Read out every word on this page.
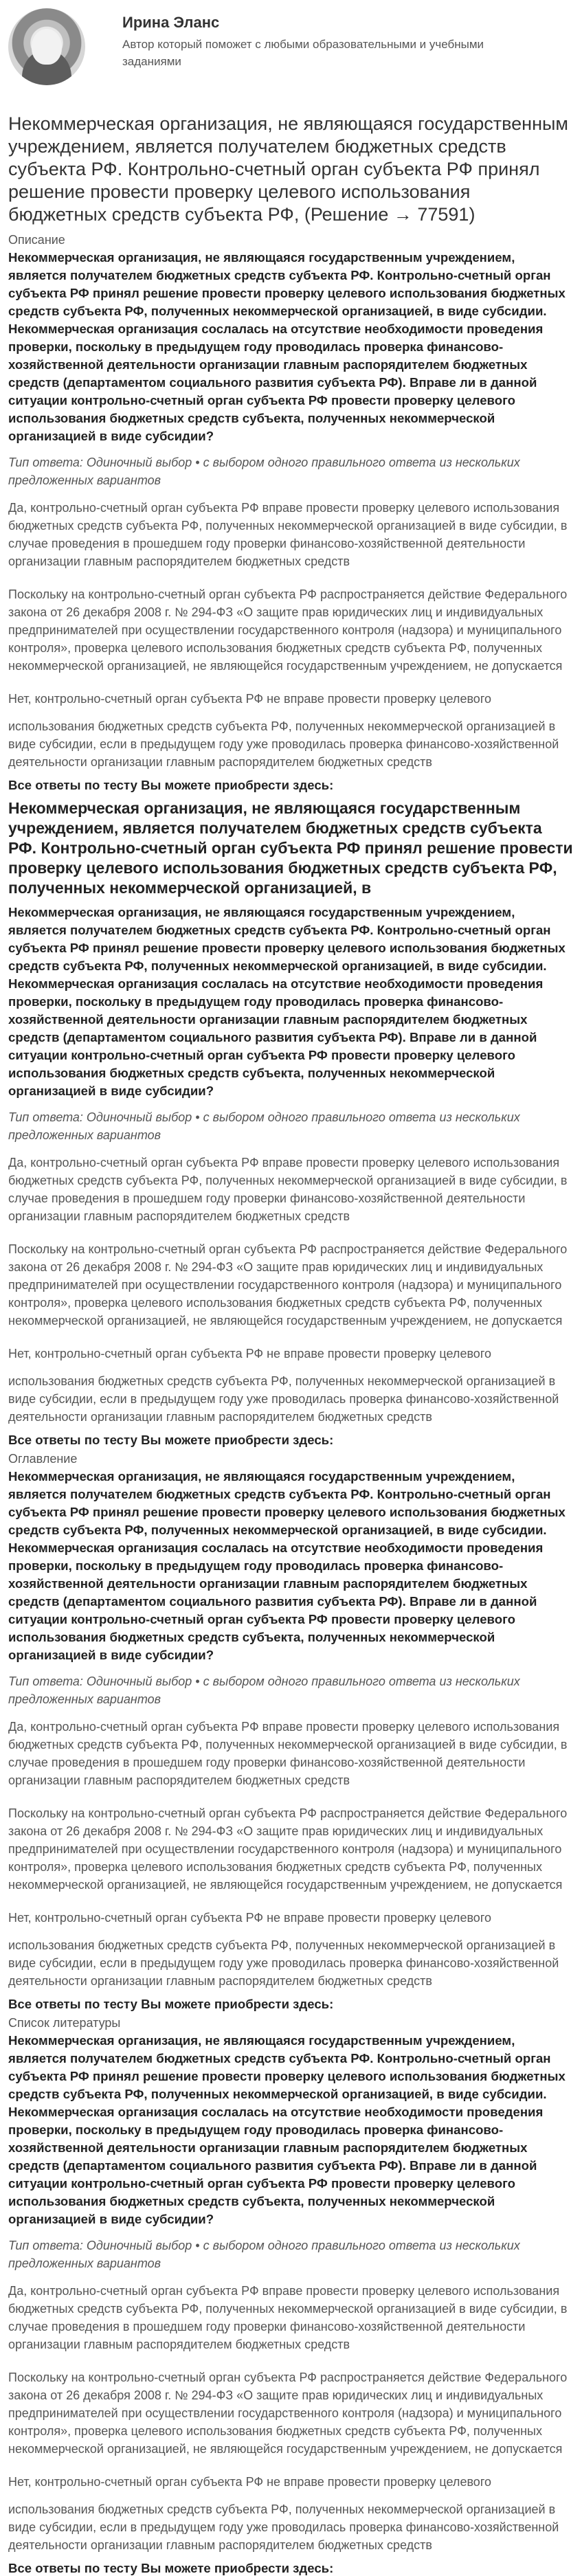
Ирина Эланс
Автор который поможет с любыми образовательными и учебными заданиями
Некоммерческая организация, не являющаяся государственным учреждением, является получателем бюджетных средств субъекта РФ. Контрольно-счетный орган субъекта РФ принял решение провести проверку целевого использования бюджетных средств субъекта РФ, (Решение → 77591)
Описание
Некоммерческая организация, не являющаяся государственным учреждением, является получателем бюджетных средств субъекта РФ. Контрольно-счетный орган субъекта РФ принял решение провести проверку целевого использования бюджетных средств субъекта РФ, полученных некоммерческой организацией, в виде субсидии. Некоммерческая организация сослалась на отсутствие необходимости проведения проверки, поскольку в предыдущем году проводилась проверка финансово-хозяйственной деятельности организации главным распорядителем бюджетных средств (департаментом социального развития субъекта РФ). Вправе ли в данной ситуации контрольно-счетный орган субъекта РФ провести проверку целевого использования бюджетных средств субъекта, полученных некоммерческой организацией в виде субсидии?
Тип ответа: Одиночный выбор • с выбором одного правильного ответа из нескольких предложенных вариантов
Да, контрольно-счетный орган субъекта РФ вправе провести проверку целевого использования бюджетных средств субъекта РФ, полученных некоммерческой организацией в виде субсидии, в случае проведения в прошедшем году проверки финансово-хозяйственной деятельности организации главным распорядителем бюджетных средств
Поскольку на контрольно-счетный орган субъекта РФ распространяется действие Федерального закона от 26 декабря 2008 г. № 294-ФЗ «О защите прав юридических лиц и индивидуальных предпринимателей при осуществлении государственного контроля (надзора) и муниципального контроля», проверка целевого использования бюджетных средств субъекта РФ, полученных некоммерческой организацией, не являющейся государственным учреждением, не допускается
Нет, контрольно-счетный орган субъекта РФ не вправе провести проверку целевого
использования бюджетных средств субъекта РФ, полученных некоммерческой организацией в виде субсидии, если в предыдущем году уже проводилась проверка финансово-хозяйственной деятельности организации главным распорядителем бюджетных средств
Все ответы по тесту Вы можете приобрести здесь:
Некоммерческая организация, не являющаяся государственным учреждением, является получателем бюджетных средств субъекта РФ. Контрольно-счетный орган субъекта РФ принял решение провести проверку целевого использования бюджетных средств субъекта РФ, полученных некоммерческой организацией, в
Некоммерческая организация, не являющаяся государственным учреждением, является получателем бюджетных средств субъекта РФ. Контрольно-счетный орган субъекта РФ принял решение провести проверку целевого использования бюджетных средств субъекта РФ, полученных некоммерческой организацией, в виде субсидии. Некоммерческая организация сослалась на отсутствие необходимости проведения проверки, поскольку в предыдущем году проводилась проверка финансово-хозяйственной деятельности организации главным распорядителем бюджетных средств (департаментом социального развития субъекта РФ). Вправе ли в данной ситуации контрольно-счетный орган субъекта РФ провести проверку целевого использования бюджетных средств субъекта, полученных некоммерческой организацией в виде субсидии?
Тип ответа: Одиночный выбор • с выбором одного правильного ответа из нескольких предложенных вариантов
Да, контрольно-счетный орган субъекта РФ вправе провести проверку целевого использования бюджетных средств субъекта РФ, полученных некоммерческой организацией в виде субсидии, в случае проведения в прошедшем году проверки финансово-хозяйственной деятельности организации главным распорядителем бюджетных средств
Поскольку на контрольно-счетный орган субъекта РФ распространяется действие Федерального закона от 26 декабря 2008 г. № 294-ФЗ «О защите прав юридических лиц и индивидуальных предпринимателей при осуществлении государственного контроля (надзора) и муниципального контроля», проверка целевого использования бюджетных средств субъекта РФ, полученных некоммерческой организацией, не являющейся государственным учреждением, не допускается
Нет, контрольно-счетный орган субъекта РФ не вправе провести проверку целевого
использования бюджетных средств субъекта РФ, полученных некоммерческой организацией в виде субсидии, если в предыдущем году уже проводилась проверка финансово-хозяйственной деятельности организации главным распорядителем бюджетных средств
Все ответы по тесту Вы можете приобрести здесь:
Оглавление
Некоммерческая организация, не являющаяся государственным учреждением, является получателем бюджетных средств субъекта РФ. Контрольно-счетный орган субъекта РФ принял решение провести проверку целевого использования бюджетных средств субъекта РФ, полученных некоммерческой организацией, в виде субсидии. Некоммерческая организация сослалась на отсутствие необходимости проведения проверки, поскольку в предыдущем году проводилась проверка финансово-хозяйственной деятельности организации главным распорядителем бюджетных средств (департаментом социального развития субъекта РФ). Вправе ли в данной ситуации контрольно-счетный орган субъекта РФ провести проверку целевого использования бюджетных средств субъекта, полученных некоммерческой организацией в виде субсидии?
Тип ответа: Одиночный выбор • с выбором одного правильного ответа из нескольких предложенных вариантов
Да, контрольно-счетный орган субъекта РФ вправе провести проверку целевого использования бюджетных средств субъекта РФ, полученных некоммерческой организацией в виде субсидии, в случае проведения в прошедшем году проверки финансово-хозяйственной деятельности организации главным распорядителем бюджетных средств
Поскольку на контрольно-счетный орган субъекта РФ распространяется действие Федерального закона от 26 декабря 2008 г. № 294-ФЗ «О защите прав юридических лиц и индивидуальных предпринимателей при осуществлении государственного контроля (надзора) и муниципального контроля», проверка целевого использования бюджетных средств субъекта РФ, полученных некоммерческой организацией, не являющейся государственным учреждением, не допускается
Нет, контрольно-счетный орган субъекта РФ не вправе провести проверку целевого
использования бюджетных средств субъекта РФ, полученных некоммерческой организацией в виде субсидии, если в предыдущем году уже проводилась проверка финансово-хозяйственной деятельности организации главным распорядителем бюджетных средств
Все ответы по тесту Вы можете приобрести здесь:
Список литературы
Некоммерческая организация, не являющаяся государственным учреждением, является получателем бюджетных средств субъекта РФ. Контрольно-счетный орган субъекта РФ принял решение провести проверку целевого использования бюджетных средств субъекта РФ, полученных некоммерческой организацией, в виде субсидии. Некоммерческая организация сослалась на отсутствие необходимости проведения проверки, поскольку в предыдущем году проводилась проверка финансово-хозяйственной деятельности организации главным распорядителем бюджетных средств (департаментом социального развития субъекта РФ). Вправе ли в данной ситуации контрольно-счетный орган субъекта РФ провести проверку целевого использования бюджетных средств субъекта, полученных некоммерческой организацией в виде субсидии?
Тип ответа: Одиночный выбор • с выбором одного правильного ответа из нескольких предложенных вариантов
Да, контрольно-счетный орган субъекта РФ вправе провести проверку целевого использования бюджетных средств субъекта РФ, полученных некоммерческой организацией в виде субсидии, в случае проведения в прошедшем году проверки финансово-хозяйственной деятельности организации главным распорядителем бюджетных средств
Поскольку на контрольно-счетный орган субъекта РФ распространяется действие Федерального закона от 26 декабря 2008 г. № 294-ФЗ «О защите прав юридических лиц и индивидуальных предпринимателей при осуществлении государственного контроля (надзора) и муниципального контроля», проверка целевого использования бюджетных средств субъекта РФ, полученных некоммерческой организацией, не являющейся государственным учреждением, не допускается
Нет, контрольно-счетный орган субъекта РФ не вправе провести проверку целевого
использования бюджетных средств субъекта РФ, полученных некоммерческой организацией в виде субсидии, если в предыдущем году уже проводилась проверка финансово-хозяйственной деятельности организации главным распорядителем бюджетных средств
Все ответы по тесту Вы можете приобрести здесь:
